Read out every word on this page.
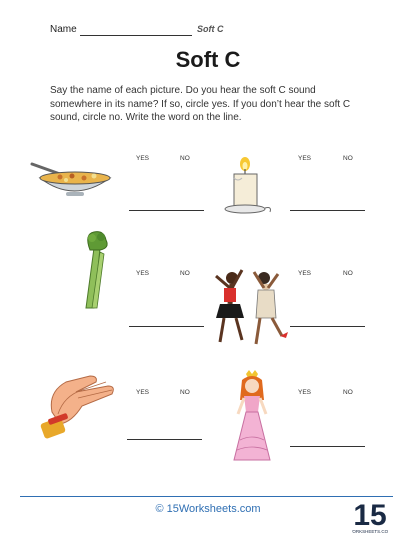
Name	Soft C
Soft C
Say the name of each picture. Do you hear the soft C sound somewhere in its name? If so, circle yes. If you don’t hear the soft C sound, circle no. Write the word on the line.
YES	NO	YES	NO
YES	NO	YES	NO
YES	NO	YES	NO
© 15Worksheets.com	15
ORKSHEETS.CO
